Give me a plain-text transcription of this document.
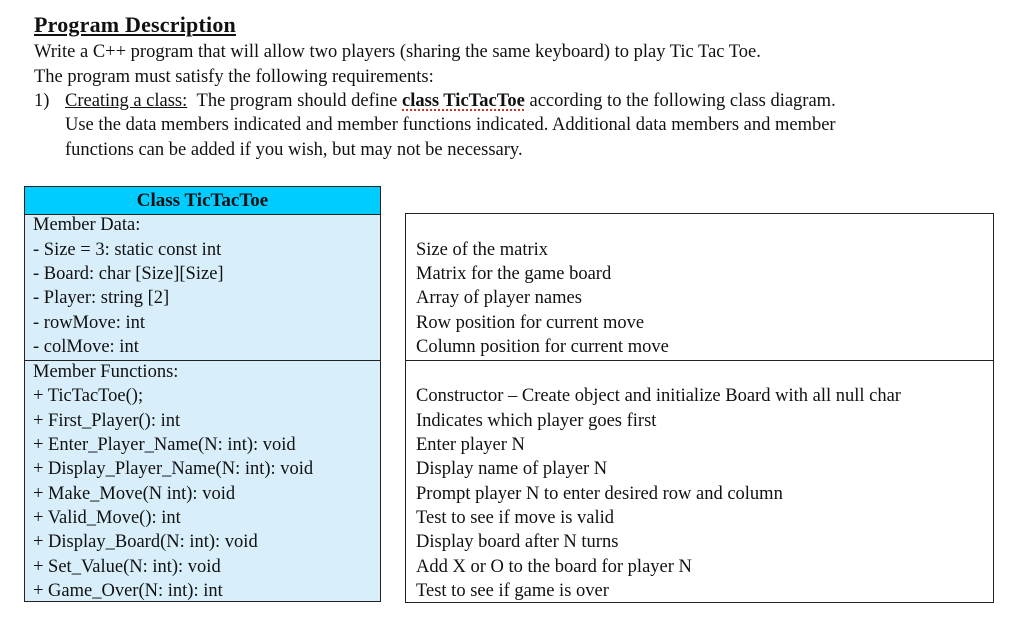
Program Description
Write a C++ program that will allow two players (sharing the same keyboard) to play Tic Tac Toe.
The program must satisfy the following requirements:
1) Creating a class: The program should define class TicTacToe according to the following class diagram.
Use the data members indicated and member functions indicated. Additional data members and member
functions can be added if you wish, but may not be necessary.
Class TicTacToe
Member Data:
- Size = 3: static const int
- Board: char [Size][Size]
- Player: string [2]
- rowMove: int
- colMove: int
Member Functions:
+ TicTacToe();
+ First_Player(): int
+ Enter_Player_Name(N: int): void
+ Display_Player_Name(N: int): void
+ Make_Move(N int): void
+ Valid_Move(): int
+ Display_Board(N: int): void
+ Set_Value(N: int): void
+ Game_Over(N: int): int
Size of the matrix
Matrix for the game board
Array of player names
Row position for current move
Column position for current move
Constructor – Create object and initialize Board with all null char
Indicates which player goes first
Enter player N
Display name of player N
Prompt player N to enter desired row and column
Test to see if move is valid
Display board after N turns
Add X or O to the board for player N
Test to see if game is over
